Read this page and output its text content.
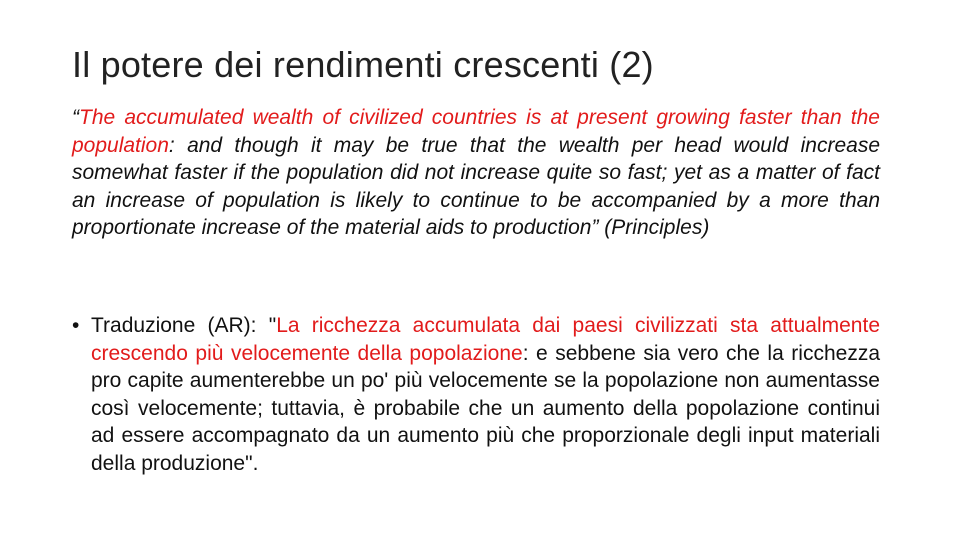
Il potere dei rendimenti crescenti (2)

“The accumulated wealth of civilized countries is at present growing faster than the population: and though it may be true that the wealth per head would increase somewhat faster if the population did not increase quite so fast; yet as a matter of fact an increase of population is likely to continue to be accompanied by a more than proportionate increase of the material aids to production” (Principles)

• Traduzione (AR): "La ricchezza accumulata dai paesi civilizzati sta attualmente crescendo più velocemente della popolazione: e sebbene sia vero che la ricchezza pro capite aumenterebbe un po' più velocemente se la popolazione non aumentasse così velocemente; tuttavia, è probabile che un aumento della popolazione continui ad essere accompagnato da un aumento più che proporzionale degli input materiali della produzione".
